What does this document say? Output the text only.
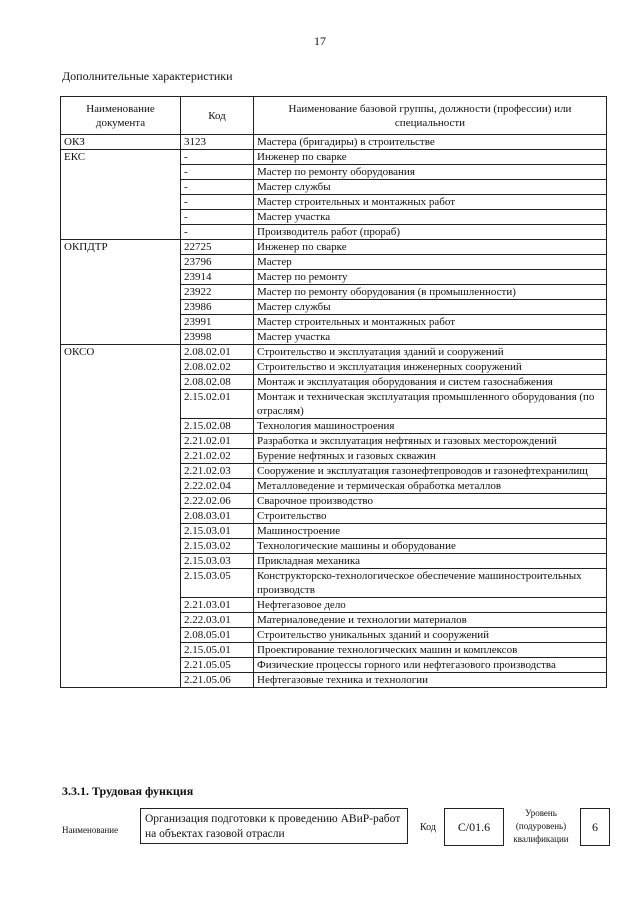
17
Дополнительные характеристики
Наименование документа	Код	Наименование базовой группы, должности (профессии) или специальности
ОКЗ	3123	Мастера (бригадиры) в строительстве
ЕКС	-	Инженер по сварке
	-	Мастер по ремонту оборудования
	-	Мастер службы
	-	Мастер строительных и монтажных работ
	-	Мастер участка
	-	Производитель работ (прораб)
ОКПДТР	22725	Инженер по сварке
	23796	Мастер
	23914	Мастер по ремонту
	23922	Мастер по ремонту оборудования (в промышленности)
	23986	Мастер службы
	23991	Мастер строительных и монтажных работ
	23998	Мастер участка
ОКСО	2.08.02.01	Строительство и эксплуатация зданий и сооружений
	2.08.02.02	Строительство и эксплуатация инженерных сооружений
	2.08.02.08	Монтаж и эксплуатация оборудования и систем газоснабжения
	2.15.02.01	Монтаж и техническая эксплуатация промышленного оборудования (по отраслям)
	2.15.02.08	Технология машиностроения
	2.21.02.01	Разработка и эксплуатация нефтяных и газовых месторождений
	2.21.02.02	Бурение нефтяных и газовых скважин
	2.21.02.03	Сооружение и эксплуатация газонефтепроводов и газонефтехранилищ
	2.22.02.04	Металловедение и термическая обработка металлов
	2.22.02.06	Сварочное производство
	2.08.03.01	Строительство
	2.15.03.01	Машиностроение
	2.15.03.02	Технологические машины и оборудование
	2.15.03.03	Прикладная механика
	2.15.03.05	Конструкторско-технологическое обеспечение машиностроительных производств
	2.21.03.01	Нефтегазовое дело
	2.22.03.01	Материаловедение и технологии материалов
	2.08.05.01	Строительство уникальных зданий и сооружений
	2.15.05.01	Проектирование технологических машин и комплексов
	2.21.05.05	Физические процессы горного или нефтегазового производства
	2.21.05.06	Нефтегазовые техника и технологии
3.3.1. Трудовая функция
Наименование
Организация подготовки к проведению АВиР-работ на объектах газовой отрасли
Код	С/01.6
Уровень (подуровень) квалификации
6
